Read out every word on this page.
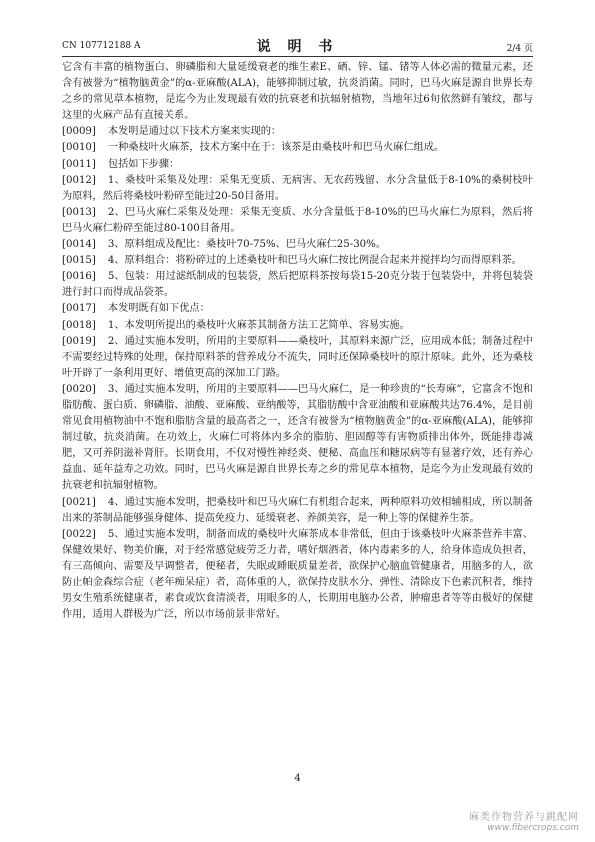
CN 107712188 A	说 明 书	2/4 页

它含有丰富的植物蛋白、卵磷脂和大量延缓衰老的维生素E、硒、锌、锰、锗等人体必需的微量元素，还含有被誉为“植物脑黄金”的α-亚麻酸(ALA)，能够抑制过敏，抗炎消菌。同时，巴马火麻是源自世界长寿之乡的常见草本植物，是迄今为止发现最有效的抗衰老和抗辐射植物，当地年过6旬依然鲜有皱纹，都与这里的火麻产品有直接关系。

[0009] 本发明是通过以下技术方案来实现的：

[0010] 一种桑枝叶火麻茶，技术方案中在于：该茶是由桑枝叶和巴马火麻仁组成。

[0011] 包括如下步骤：

[0012] 1、桑枝叶采集及处理：采集无变质、无病害、无农药残留、水分含量低于8-10%的桑树枝叶为原料，然后将桑枝叶粉碎至能过20-50目备用。

[0013] 2、巴马火麻仁采集及处理：采集无变质、水分含量低于8-10%的巴马火麻仁为原料，然后将巴马火麻仁粉碎至能过80-100目备用。

[0014] 3、原料组成及配比：桑枝叶70-75%、巴马火麻仁25-30%。

[0015] 4、原料组合：将粉碎过的上述桑枝叶和巴马火麻仁按比例混合起来并搅拌均匀而得原料茶。

[0016] 5、包装：用过滤纸制成的包装袋，然后把原料茶按每袋15-20克分装于包装袋中，并将包装袋进行封口而得成品袋茶。

[0017] 本发明既有如下优点：

[0018] 1、本发明所提出的桑枝叶火麻茶其制备方法工艺简单、容易实施。

[0019] 2、通过实施本发明，所用的主要原料——桑枝叶，其原料来源广泛，应用成本低；制备过程中不需要经过特殊的处理，保持原料茶的营养成分不流失，同时还保障桑枝叶的原汁原味。此外，还为桑枝叶开辟了一条利用更好、增值更高的深加工门路。

[0020] 3、通过实施本发明，所用的主要原料——巴马火麻仁，是一种珍贵的“长寿麻”，它富含不饱和脂肪酸、蛋白质、卵磷脂、油酸、亚麻酸、亚纳酸等，其脂肪酸中含亚油酸和亚麻酸共达76.4%，是目前常见食用植物油中不饱和脂肪含量的最高者之一，还含有被誉为“植物脑黄金”的α-亚麻酸(ALA)，能够抑制过敏，抗炎消菌。在功效上，火麻仁可将体内多余的脂肪、胆固醇等有害物质排出体外，既能排毒减肥，又可养阴滋补肾肝。长期食用，不仅对慢性神经炎、便秘、高血压和糖尿病等有显著疗效，还有养心益血、延年益寿之功效。同时，巴马火麻是源自世界长寿之乡的常见草本植物，是迄今为止发现最有效的抗衰老和抗辐射植物。

[0021] 4、通过实施本发明，把桑枝叶和巴马火麻仁有机组合起来，两种原料功效相辅相成，所以制备出来的茶制品能够强身健体、提高免疫力、延缓衰老、养颜美容，是一种上等的保健养生茶。

[0022] 5、通过实施本发明，制备而成的桑枝叶火麻茶成本非常低，但由于该桑枝叶火麻茶营养丰富、保健效果好、物美价廉，对于经常感觉疲劳乏力者，嗜好烟酒者，体内毒素多的人，给身体造成负担者，有三高倾向、需要及早调整者，便秘者，失眠或睡眠质量差者，欲保护心脑血管健康者，用脑多的人，欲防止帕金森综合症（老年痴呆症）者，高体重的人，欲保持皮肤水分、弹性、清除皮下色素沉积者，维持男女生殖系统健康者，素食或饮食清淡者，用眼多的人，长期用电脑办公者，肿瘤患者等等由极好的保健作用，适用人群极为广泛，所以市场前景非常好。

4
麻类作物营养与跳配网
www.fibercrops.com
